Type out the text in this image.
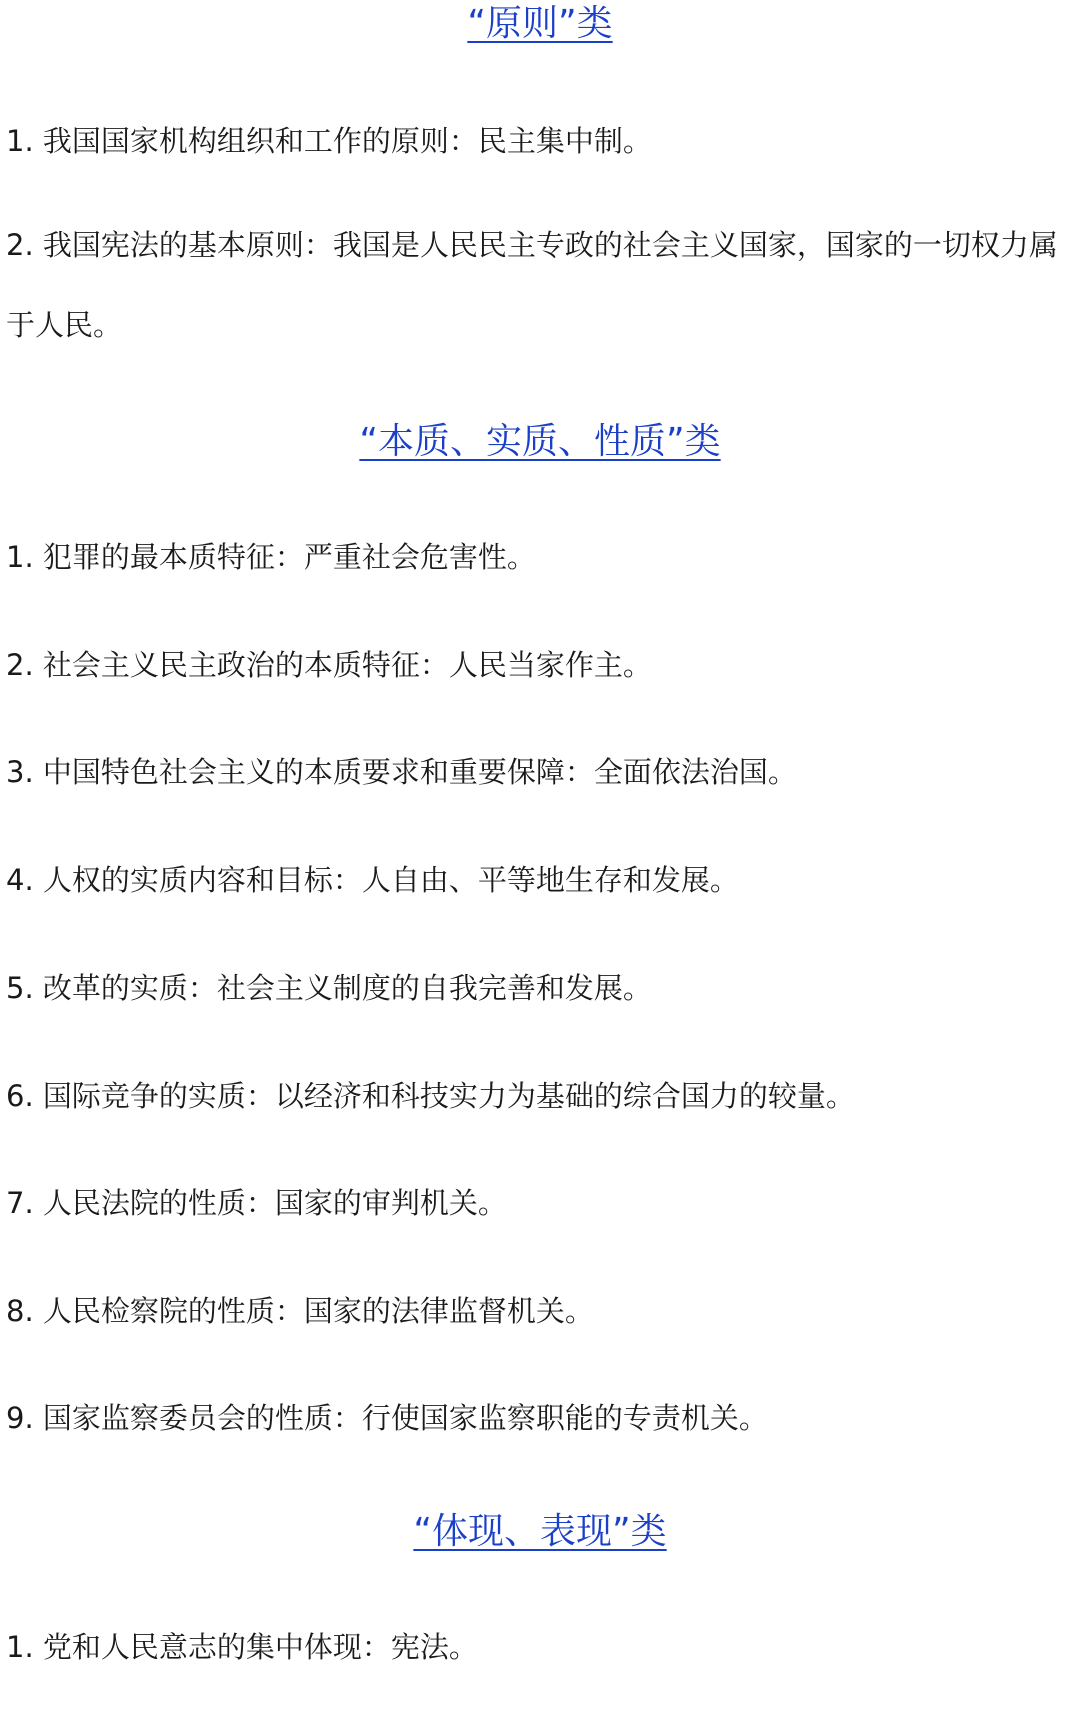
“原则”类

1. 我国国家机构组织和工作的原则：民主集中制。

2. 我国宪法的基本原则：我国是人民民主专政的社会主义国家，国家的一切权力属于人民。

“本质、实质、性质”类

1. 犯罪的最本质特征：严重社会危害性。

2. 社会主义民主政治的本质特征：人民当家作主。

3. 中国特色社会主义的本质要求和重要保障：全面依法治国。

4. 人权的实质内容和目标：人自由、平等地生存和发展。

5. 改革的实质：社会主义制度的自我完善和发展。

6. 国际竞争的实质：以经济和科技实力为基础的综合国力的较量。

7. 人民法院的性质：国家的审判机关。

8. 人民检察院的性质：国家的法律监督机关。

9. 国家监察委员会的性质：行使国家监察职能的专责机关。

“体现、表现”类

1. 党和人民意志的集中体现：宪法。
